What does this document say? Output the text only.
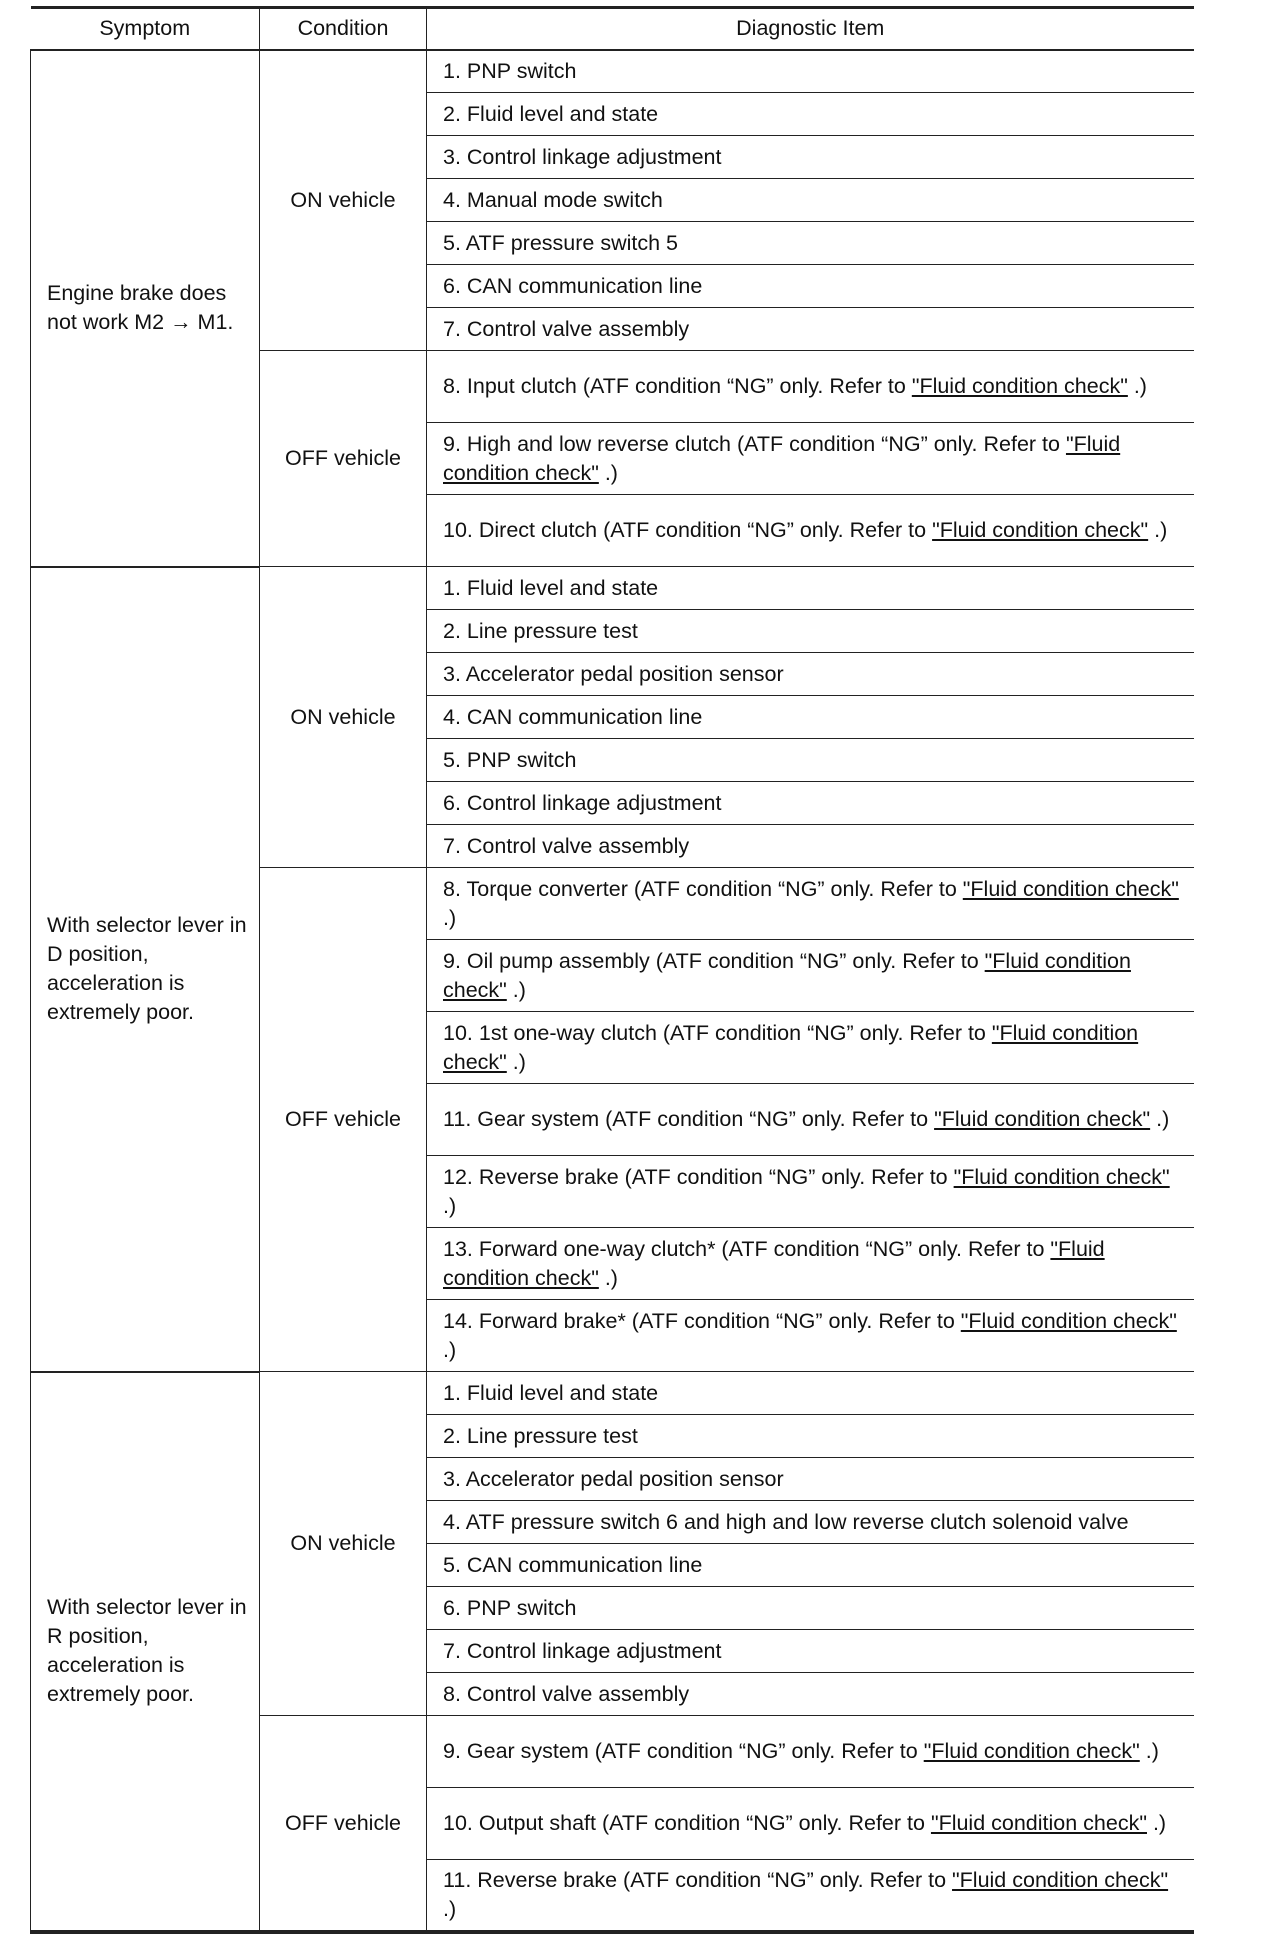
Symptom	Condition	Diagnostic Item
Engine brake does not work M2 → M1.	ON vehicle	1. PNP switch
		2. Fluid level and state
		3. Control linkage adjustment
		4. Manual mode switch
		5. ATF pressure switch 5
		6. CAN communication line
		7. Control valve assembly
	OFF vehicle	8. Input clutch (ATF condition “NG” only. Refer to "Fluid condition check" .)
		9. High and low reverse clutch (ATF condition “NG” only. Refer to "Fluid condition check" .)
		10. Direct clutch (ATF condition “NG” only. Refer to "Fluid condition check" .)
With selector lever in D position, acceleration is extremely poor.	ON vehicle	1. Fluid level and state
		2. Line pressure test
		3. Accelerator pedal position sensor
		4. CAN communication line
		5. PNP switch
		6. Control linkage adjustment
		7. Control valve assembly
	OFF vehicle	8. Torque converter (ATF condition “NG” only. Refer to "Fluid condition check" .)
		9. Oil pump assembly (ATF condition “NG” only. Refer to "Fluid condition check" .)
		10. 1st one-way clutch (ATF condition “NG” only. Refer to "Fluid condition check" .)
		11. Gear system (ATF condition “NG” only. Refer to "Fluid condition check" .)
		12. Reverse brake (ATF condition “NG” only. Refer to "Fluid condition check" .)
		13. Forward one-way clutch* (ATF condition “NG” only. Refer to "Fluid condition check" .)
		14. Forward brake* (ATF condition “NG” only. Refer to "Fluid condition check" .)
With selector lever in R position, acceleration is extremely poor.	ON vehicle	1. Fluid level and state
		2. Line pressure test
		3. Accelerator pedal position sensor
		4. ATF pressure switch 6 and high and low reverse clutch solenoid valve
		5. CAN communication line
		6. PNP switch
		7. Control linkage adjustment
		8. Control valve assembly
	OFF vehicle	9. Gear system (ATF condition “NG” only. Refer to "Fluid condition check" .)
		10. Output shaft (ATF condition “NG” only. Refer to "Fluid condition check" .)
		11. Reverse brake (ATF condition “NG” only. Refer to "Fluid condition check" .)
